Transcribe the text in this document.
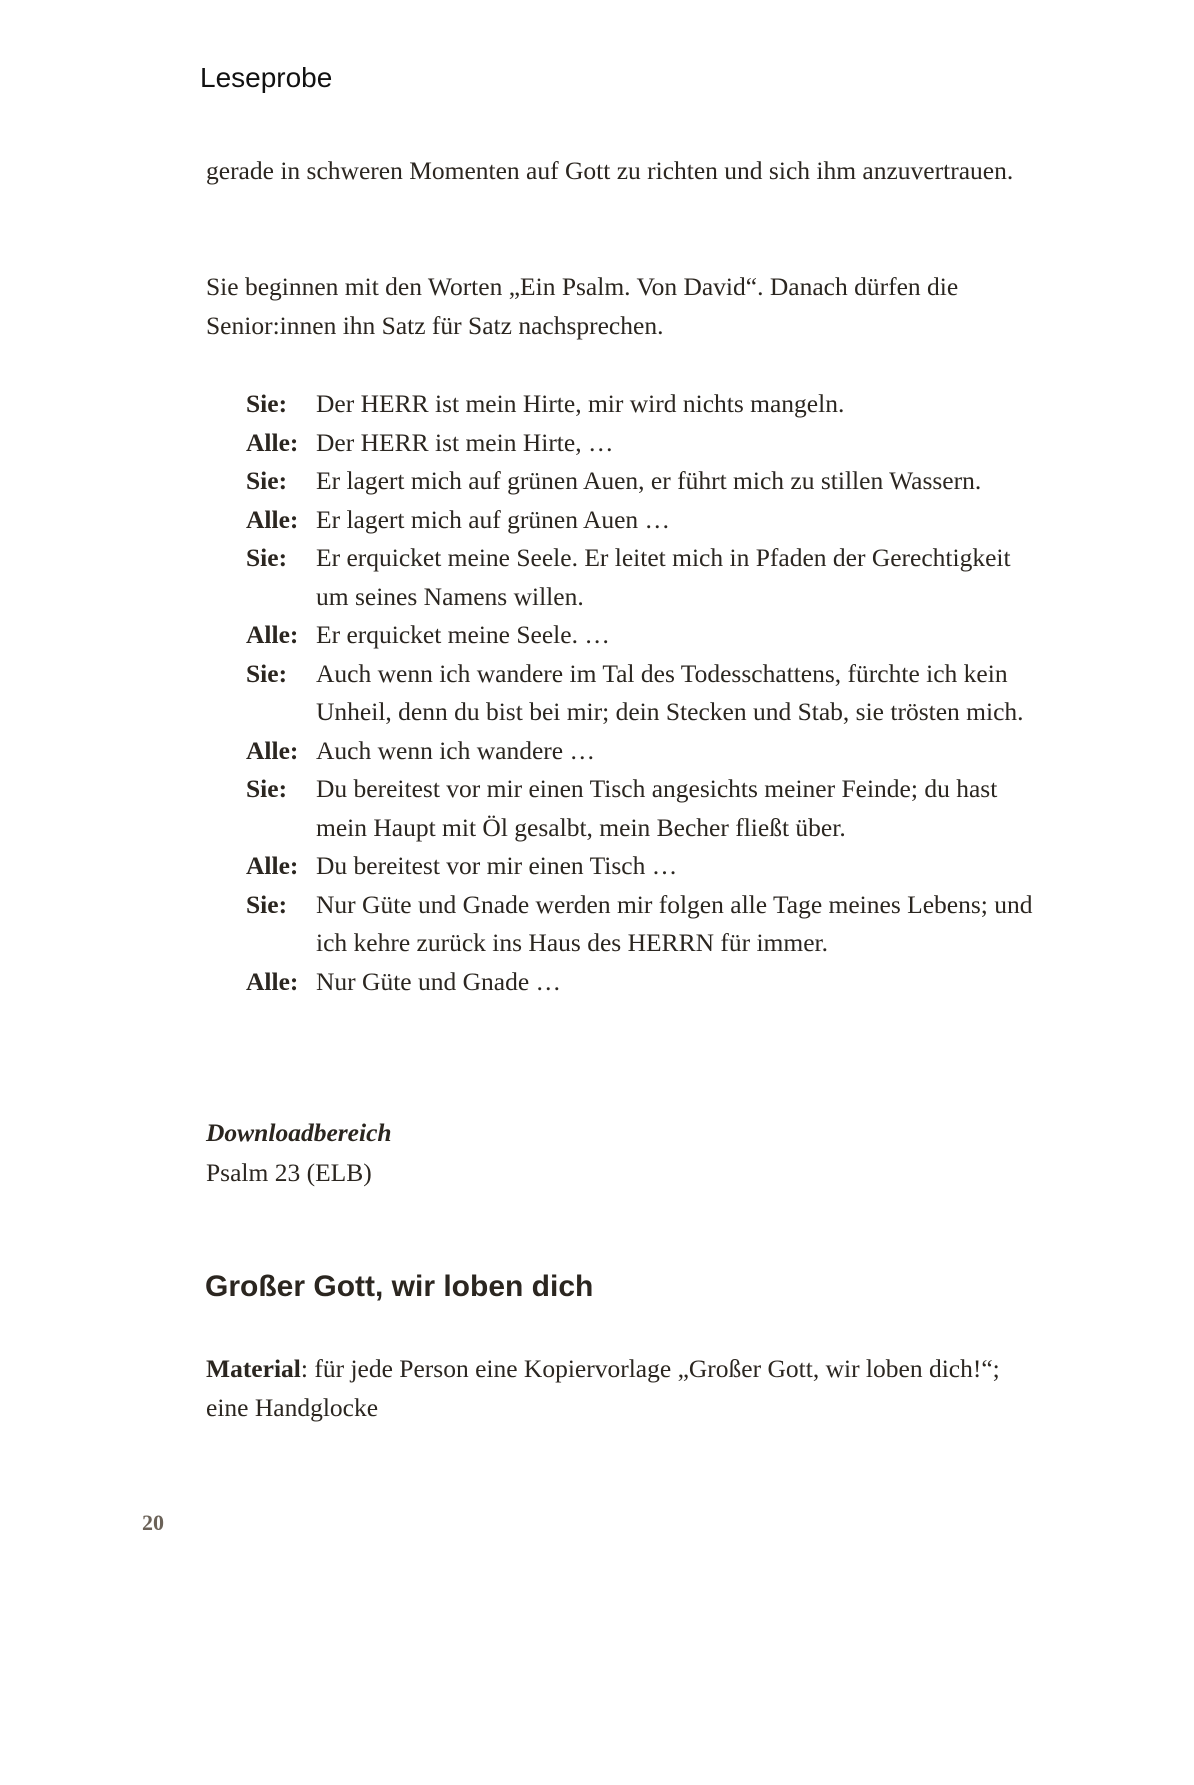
Leseprobe

gerade in schweren Momenten auf Gott zu richten und sich ihm anzuvertrauen.

Sie beginnen mit den Worten „Ein Psalm. Von David“. Danach dürfen die Senior:innen ihn Satz für Satz nachsprechen.

Sie:	Der HERR ist mein Hirte, mir wird nichts mangeln.
Alle: Der HERR ist mein Hirte, …
Sie:	Er lagert mich auf grünen Auen, er führt mich zu stillen Wassern.
Alle: Er lagert mich auf grünen Auen …
Sie:	Er erquicket meine Seele. Er leitet mich in Pfaden der Gerechtigkeit um seines Namens willen.
Alle: Er erquicket meine Seele. …
Sie:	Auch wenn ich wandere im Tal des Todesschattens, fürchte ich kein Unheil, denn du bist bei mir; dein Stecken und Stab, sie trösten mich.
Alle: Auch wenn ich wandere …
Sie:	Du bereitest vor mir einen Tisch angesichts meiner Feinde; du hast mein Haupt mit Öl gesalbt, mein Becher fließt über.
Alle: Du bereitest vor mir einen Tisch …
Sie:	Nur Güte und Gnade werden mir folgen alle Tage meines Lebens; und ich kehre zurück ins Haus des HERRN für immer.
Alle: Nur Güte und Gnade …
Downloadbereich
Psalm 23 (ELB)
Großer Gott, wir loben dich

Material: für jede Person eine Kopiervorlage „Großer Gott, wir loben dich!“; eine Handglocke

20
